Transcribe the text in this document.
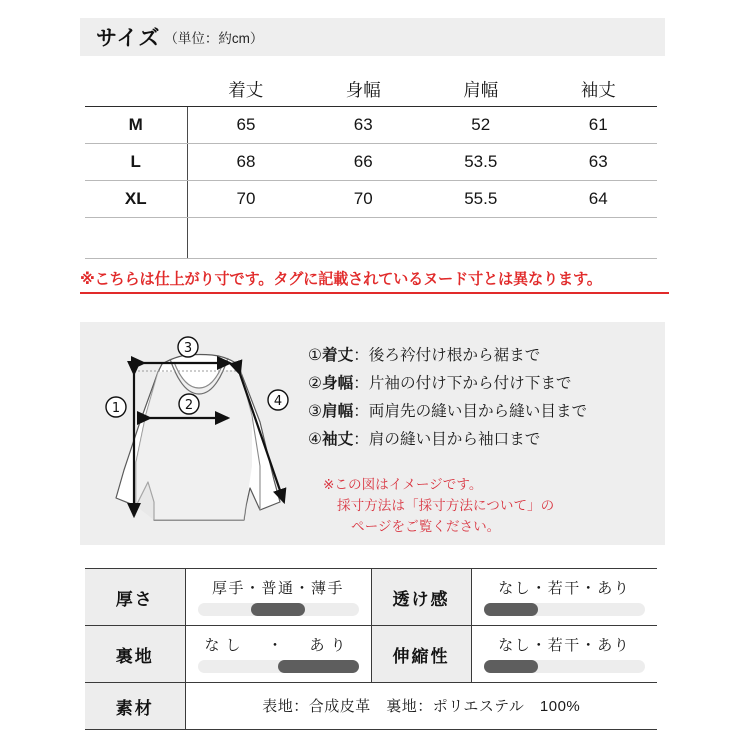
サイズ （単位：約cm）
	着丈	身幅	肩幅	袖丈
M	65	63	52	61
L	68	66	53.5	63
XL	70	70	55.5	64

※こちらは仕上がり寸です。タグに記載されているヌード寸とは異なります。
1	2
3
4
①着丈：後ろ衿付け根から裾まで
②身幅：片袖の付け下から付け下まで
③肩幅：両肩先の縫い目から縫い目まで
④袖丈：肩の縫い目から袖口まで
※この図はイメージです。
採寸方法は「採寸方法について」の
ページをご覧ください。
厚さ	厚手・普通・薄手	透け感	なし・若干・あり

裏地	なし　・　あり	伸縮性	なし・若干・あり

素材	表地：合成皮革　裏地：ポリエステル　100%		
